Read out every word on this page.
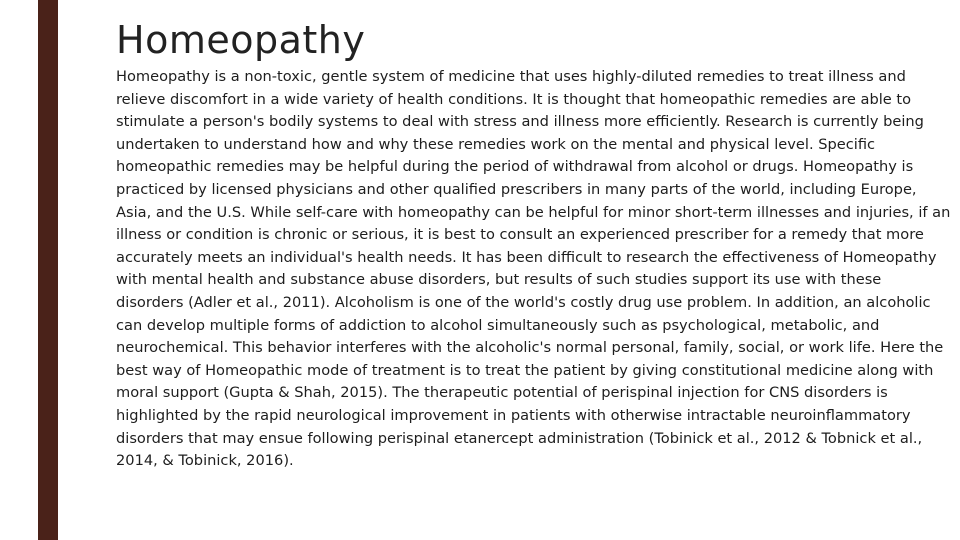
Homeopathy

Homeopathy is a non-toxic, gentle system of medicine that uses highly-diluted remedies to treat illness and relieve discomfort in a wide variety of health conditions. It is thought that homeopathic remedies are able to stimulate a person's bodily systems to deal with stress and illness more efficiently. Research is currently being undertaken to understand how and why these remedies work on the mental and physical level. Specific homeopathic remedies may be helpful during the period of withdrawal from alcohol or drugs. Homeopathy is practiced by licensed physicians and other qualified prescribers in many parts of the world, including Europe, Asia, and the U.S. While self-care with homeopathy can be helpful for minor short-term illnesses and injuries, if an illness or condition is chronic or serious, it is best to consult an experienced prescriber for a remedy that more accurately meets an individual's health needs. It has been difficult to research the effectiveness of Homeopathy with mental health and substance abuse disorders, but results of such studies support its use with these disorders (Adler et al., 2011). Alcoholism is one of the world's costly drug use problem. In addition, an alcoholic can develop multiple forms of addiction to alcohol simultaneously such as psychological, metabolic, and neurochemical. This behavior interferes with the alcoholic's normal personal, family, social, or work life. Here the best way of Homeopathic mode of treatment is to treat the patient by giving constitutional medicine along with moral support (Gupta & Shah, 2015). The therapeutic potential of perispinal injection for CNS disorders is highlighted by the rapid neurological improvement in patients with otherwise intractable neuroinflammatory disorders that may ensue following perispinal etanercept administration (Tobinick et al., 2012 & Tobnick et al., 2014, & Tobinick, 2016).
